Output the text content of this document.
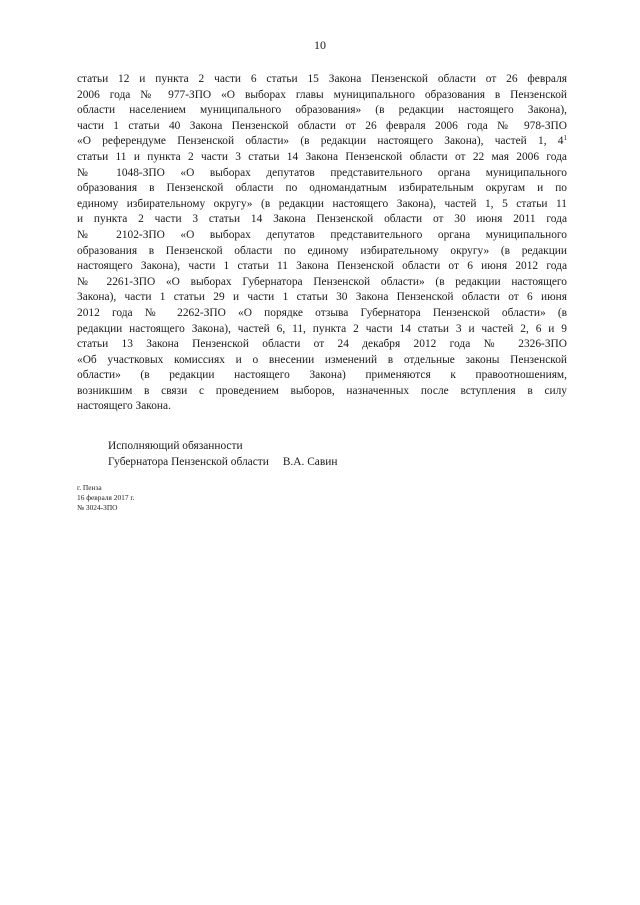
10
статьи 12 и пункта 2 части 6 статьи 15 Закона Пензенской области от 26 февраля
2006 года № 977-ЗПО «О выборах главы муниципального образования в Пензенской
области населением муниципального образования» (в редакции настоящего Закона),
части 1 статьи 40 Закона Пензенской области от 26 февраля 2006 года № 978-ЗПО
«О референдуме Пензенской области» (в редакции настоящего Закона), частей 1, $4^1$
статьи 11 и пункта 2 части 3 статьи 14 Закона Пензенской области от 22 мая 2006 года
№ 1048-ЗПО «О выборах депутатов представительного органа муниципального
образования в Пензенской области по одномандатным избирательным округам и по
единому избирательному округу» (в редакции настоящего Закона), частей 1, 5 статьи 11
и пункта 2 части 3 статьи 14 Закона Пензенской области от 30 июня 2011 года
№ 2102-ЗПО «О выборах депутатов представительного органа муниципального
образования в Пензенской области по единому избирательному округу» (в редакции
настоящего Закона), части 1 статьи 11 Закона Пензенской области от 6 июня 2012 года
№ 2261-ЗПО «О выборах Губернатора Пензенской области» (в редакции настоящего
Закона), части 1 статьи 29 и части 1 статьи 30 Закона Пензенской области от 6 июня
2012 года № 2262-ЗПО «О порядке отзыва Губернатора Пензенской области» (в
редакции настоящего Закона), частей 6, 11, пункта 2 части 14 статьи 3 и частей 2, 6 и 9
статьи 13 Закона Пензенской области от 24 декабря 2012 года № 2326-ЗПО
«Об участковых комиссиях и о внесении изменений в отдельные законы Пензенской
области» (в редакции настоящего Закона) применяются к правоотношениям,
возникшим в связи с проведением выборов, назначенных после вступления в силу
настоящего Закона.
Исполняющий обязанности
Губернатора Пензенской области В.А. Савин
г. Пенза
16 февраля 2017 г.
№ 3024-ЗПО
